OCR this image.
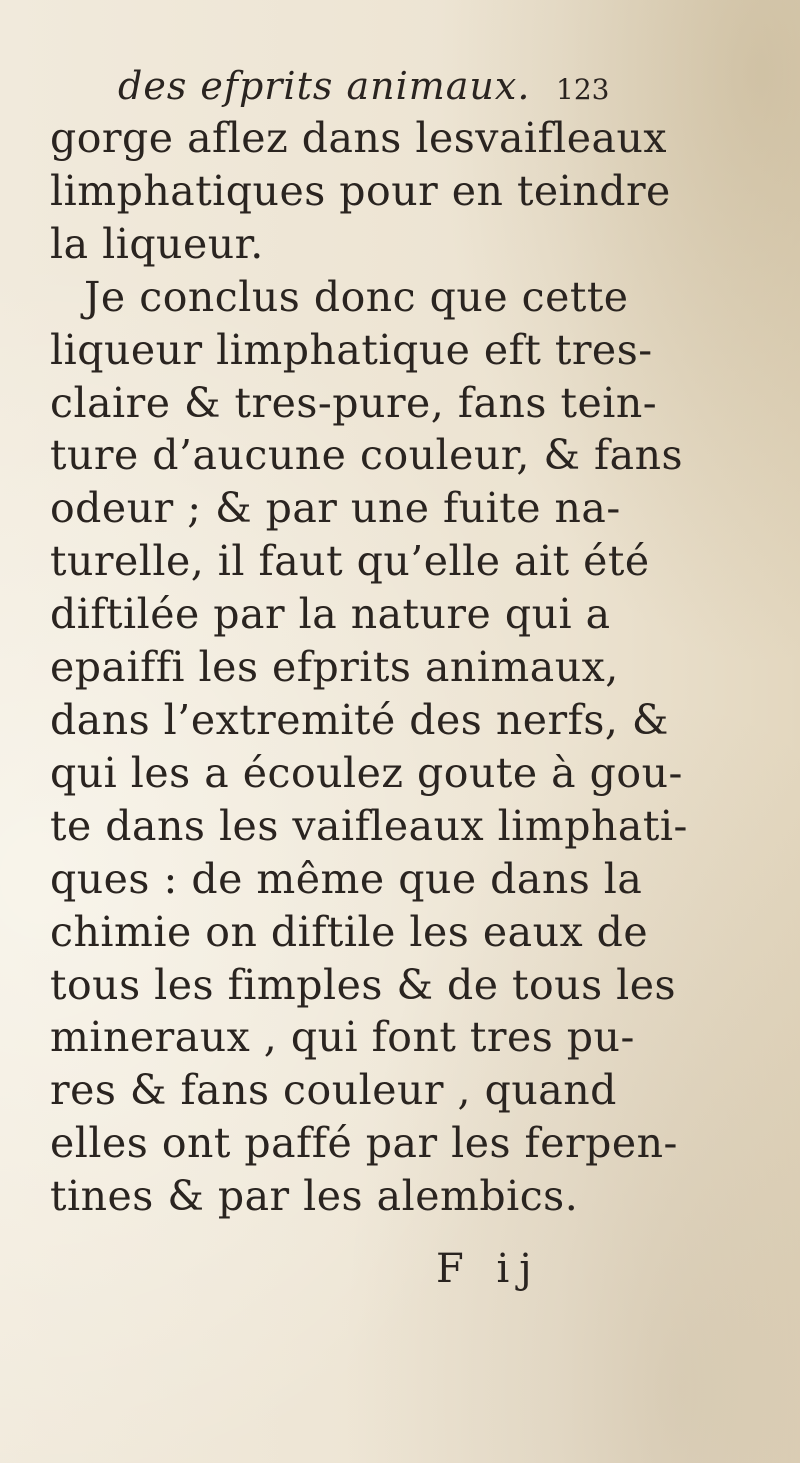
des efprits animaux. 123
gorge aflez dans lesvaifleaux
limphatiques pour en teindre
la liqueur.
Je conclus donc que cette
liqueur limphatique eft tres-
claire & tres-pure, fans tein-
ture d’aucune couleur, & fans
odeur ; & par une fuite na-
turelle, il faut qu’elle ait été
diftilée par la nature qui a
epaiffi les efprits animaux,
dans l’extremité des nerfs, &
qui les a écoulez goute à gou-
te dans les vaifleaux limphati-
ques : de même que dans la
chimie on diftile les eaux de
tous les fimples & de tous les
mineraux , qui font tres pu-
res & fans couleur , quand
elles ont paffé par les ferpen-
tines & par les alembics.
F ij
